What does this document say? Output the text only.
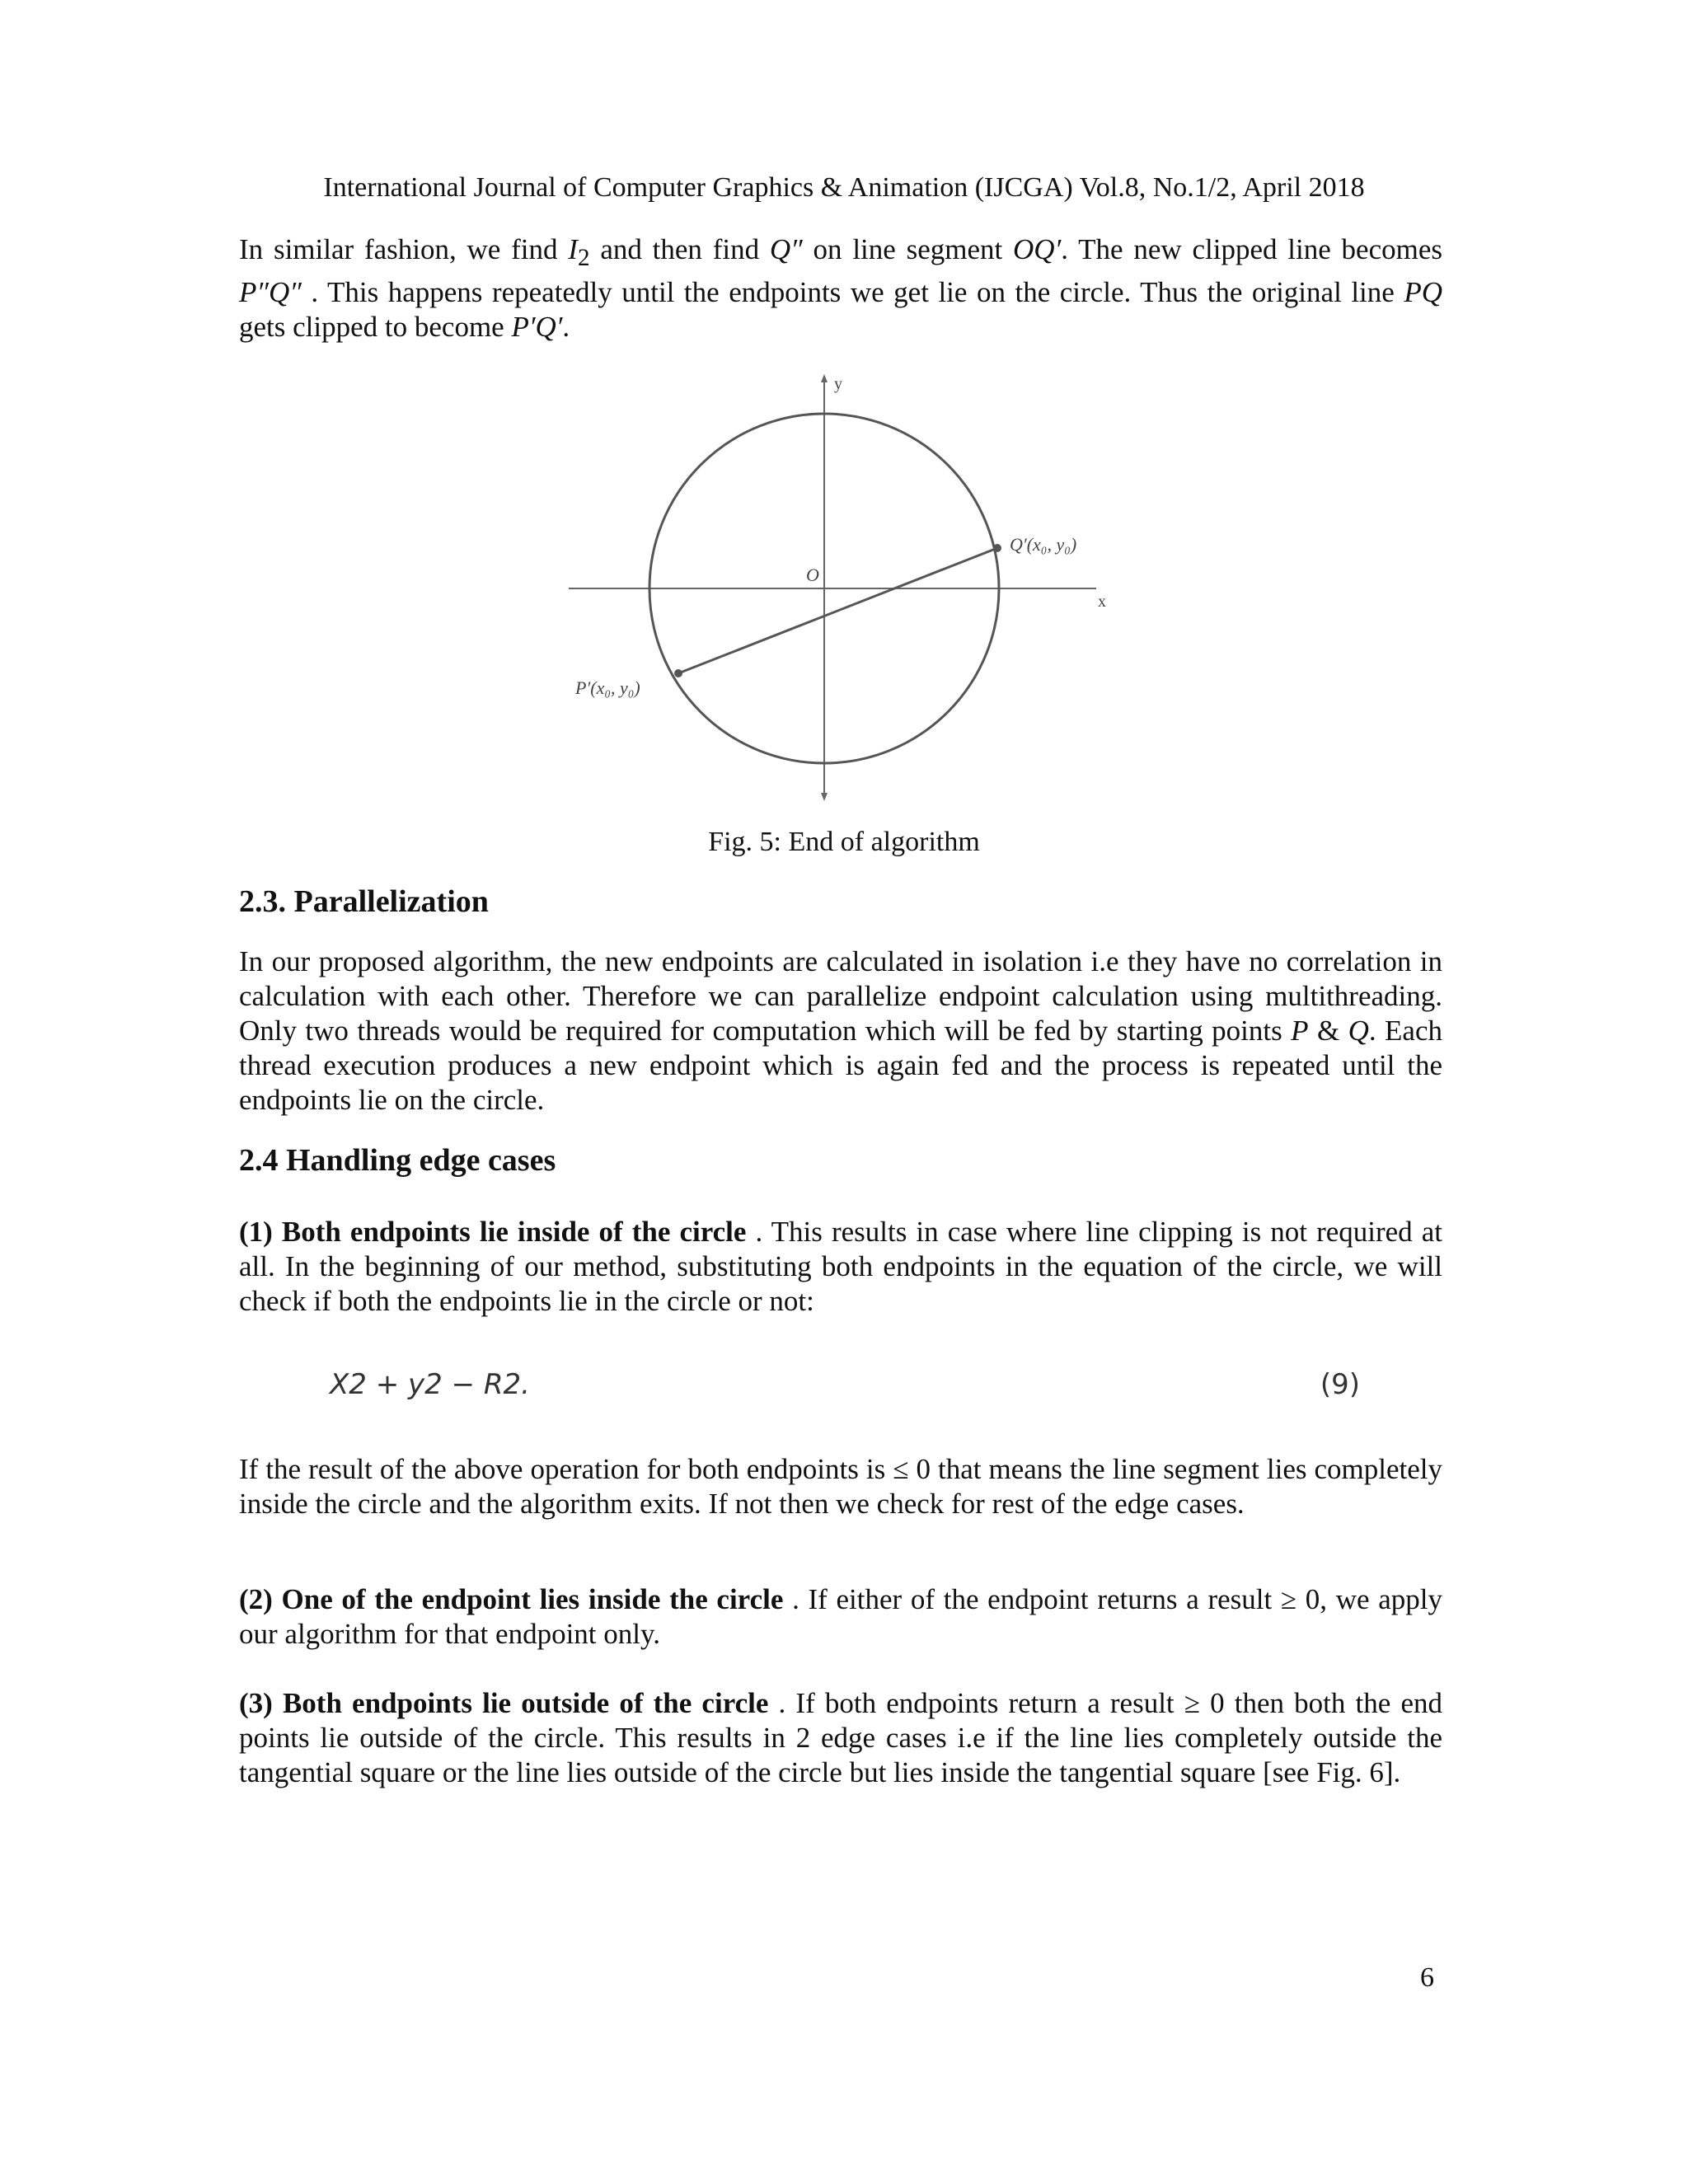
International Journal of Computer Graphics & Animation (IJCGA) Vol.8, No.1/2, April 2018

In similar fashion, we find $I_2$ and then find Q″ on line segment OQ′. The new clipped line becomes P″Q″ . This happens repeatedly until the endpoints we get lie on the circle. Thus the original line PQ gets clipped to become P′Q′.

y
x
O
Q′(x₀, y₀)
P′(x₀, y₀)
Fig. 5: End of algorithm
2.3. Parallelization

In our proposed algorithm, the new endpoints are calculated in isolation i.e they have no correlation in calculation with each other. Therefore we can parallelize endpoint calculation using multithreading. Only two threads would be required for computation which will be fed by starting points P & Q. Each thread execution produces a new endpoint which is again fed and the process is repeated until the endpoints lie on the circle.

2.4 Handling edge cases

(1) Both endpoints lie inside of the circle . This results in case where line clipping is not required at all. In the beginning of our method, substituting both endpoints in the equation of the circle, we will check if both the endpoints lie in the circle or not:

X2 + y2 − R2.	(9)

If the result of the above operation for both endpoints is ≤ 0 that means the line segment lies completely inside the circle and the algorithm exits. If not then we check for rest of the edge cases.

(2) One of the endpoint lies inside the circle . If either of the endpoint returns a result ≥ 0, we apply our algorithm for that endpoint only.

(3) Both endpoints lie outside of the circle . If both endpoints return a result ≥ 0 then both the end points lie outside of the circle. This results in 2 edge cases i.e if the line lies completely outside the tangential square or the line lies outside of the circle but lies inside the tangential square [see Fig. 6].

6
